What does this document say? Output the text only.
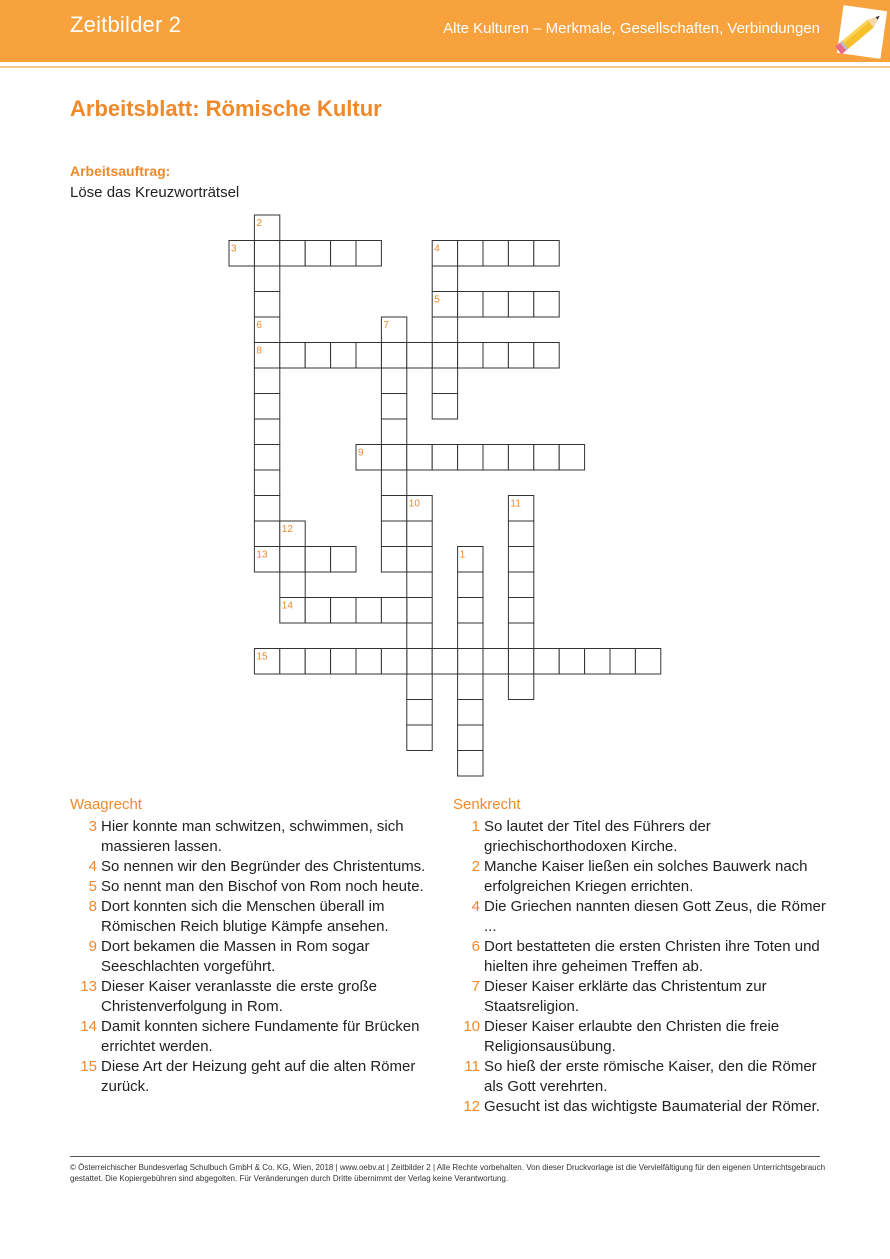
Zeitbilder 2	Alte Kulturen – Merkmale, Gesellschaften, Verbindungen
Arbeitsblatt: Römische Kultur
Arbeitsauftrag:
Löse das Kreuzworträtsel
1
2
3	4
5
6	7
8
9
10	11
12
13
14
15
Waagrecht
3 Hier konnte man schwitzen, schwimmen, sich massieren lassen.
4 So nennen wir den Begründer des Christentums.
5 So nennt man den Bischof von Rom noch heute.
8 Dort konnten sich die Menschen überall im Römischen Reich blutige Kämpfe ansehen.
9 Dort bekamen die Massen in Rom sogar Seeschlachten vorgeführt.
13 Dieser Kaiser veranlasste die erste große Christenverfolgung in Rom.
14 Damit konnten sichere Fundamente für Brücken errichtet werden.
15 Diese Art der Heizung geht auf die alten Römer zurück.
Senkrecht
1 So lautet der Titel des Führers der griechischorthodoxen Kirche.
2 Manche Kaiser ließen ein solches Bauwerk nach erfolgreichen Kriegen errichten.
4 Die Griechen nannten diesen Gott Zeus, die Römer ...
6 Dort bestatteten die ersten Christen ihre Toten und hielten ihre geheimen Treffen ab.
7 Dieser Kaiser erklärte das Christentum zur Staatsreligion.
10 Dieser Kaiser erlaubte den Christen die freie Religionsausübung.
11 So hieß der erste römische Kaiser, den die Römer als Gott verehrten.
12 Gesucht ist das wichtigste Baumaterial der Römer.
© Österreichischer Bundesverlag Schulbuch GmbH & Co. KG, Wien, 2018 | www.oebv.at | Zeitbilder 2 | Alle Rechte vorbehalten. Von dieser Druckvorlage ist die Vervielfältigung für den eigenen Unterrichtsgebrauch gestattet. Die Kopiergebühren sind abgegolten. Für Veränderungen durch Dritte übernimmt der Verlag keine Verantwortung.
